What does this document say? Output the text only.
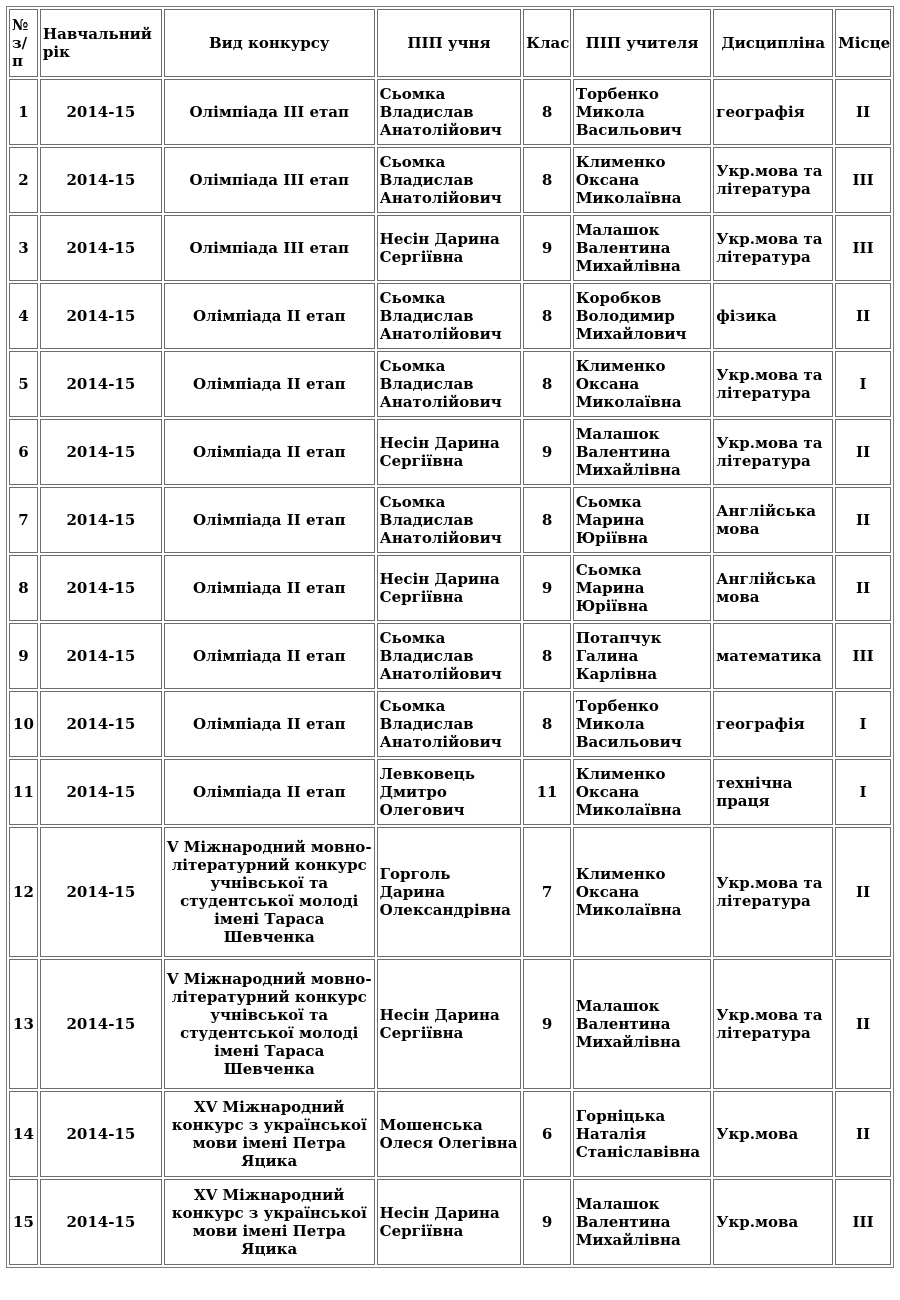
№ з/п	Навчальний рік	Вид конкурсу	ПІП учня	Клас	ПІП учителя	Дисципліна	Місце
1	2014-15	Олімпіада ІІІ етап	Сьомка Владислав Анатолійович	8	Торбенко Микола Васильович	географія	ІІ
2	2014-15	Олімпіада ІІІ етап	Сьомка Владислав Анатолійович	8	Клименко Оксана Миколаївна	Укр.мова та література	ІІІ
3	2014-15	Олімпіада ІІІ етап	Несін Дарина Сергіївна	9	Малашок Валентина Михайлівна	Укр.мова та література	ІІІ
4	2014-15	Олімпіада ІІ етап	Сьомка Владислав Анатолійович	8	Коробков Володимир Михайлович	фізика	ІІ
5	2014-15	Олімпіада ІІ етап	Сьомка Владислав Анатолійович	8	Клименко Оксана Миколаївна	Укр.мова та література	І
6	2014-15	Олімпіада ІІ етап	Несін Дарина Сергіївна	9	Малашок Валентина Михайлівна	Укр.мова та література	ІІ
7	2014-15	Олімпіада ІІ етап	Сьомка Владислав Анатолійович	8	Сьомка Марина Юріївна	Англійська мова	ІІ
8	2014-15	Олімпіада ІІ етап	Несін Дарина Сергіївна	9	Сьомка Марина Юріївна	Англійська мова	ІІ
9	2014-15	Олімпіада ІІ етап	Сьомка Владислав Анатолійович	8	Потапчук Галина Карлівна	математика	ІІІ
10	2014-15	Олімпіада ІІ етап	Сьомка Владислав Анатолійович	8	Торбенко Микола Васильович	географія	І
11	2014-15	Олімпіада ІІ етап	Левковець Дмитро Олегович	11	Клименко Оксана Миколаївна	технічна праця	І
12	2014-15	V Міжнародний мовно-літературний конкурс учнівської та студентської молоді імені Тараса Шевченка	Горголь Дарина Олександрівна	7	Клименко Оксана Миколаївна	Укр.мова та література	ІІ
13	2014-15	V Міжнародний мовно-літературний конкурс учнівської та студентської молоді імені Тараса Шевченка	Несін Дарина Сергіївна	9	Малашок Валентина Михайлівна	Укр.мова та література	ІІ
14	2014-15	XV Міжнародний конкурс з української мови імені Петра Яцика	Мошенська Олеся Олегівна	6	Горніцька Наталія Станіславівна	Укр.мова	ІІ
15	2014-15	XV Міжнародний конкурс з української мови імені Петра Яцика	Несін Дарина Сергіївна	9	Малашок Валентина Михайлівна	Укр.мова	ІІІ
